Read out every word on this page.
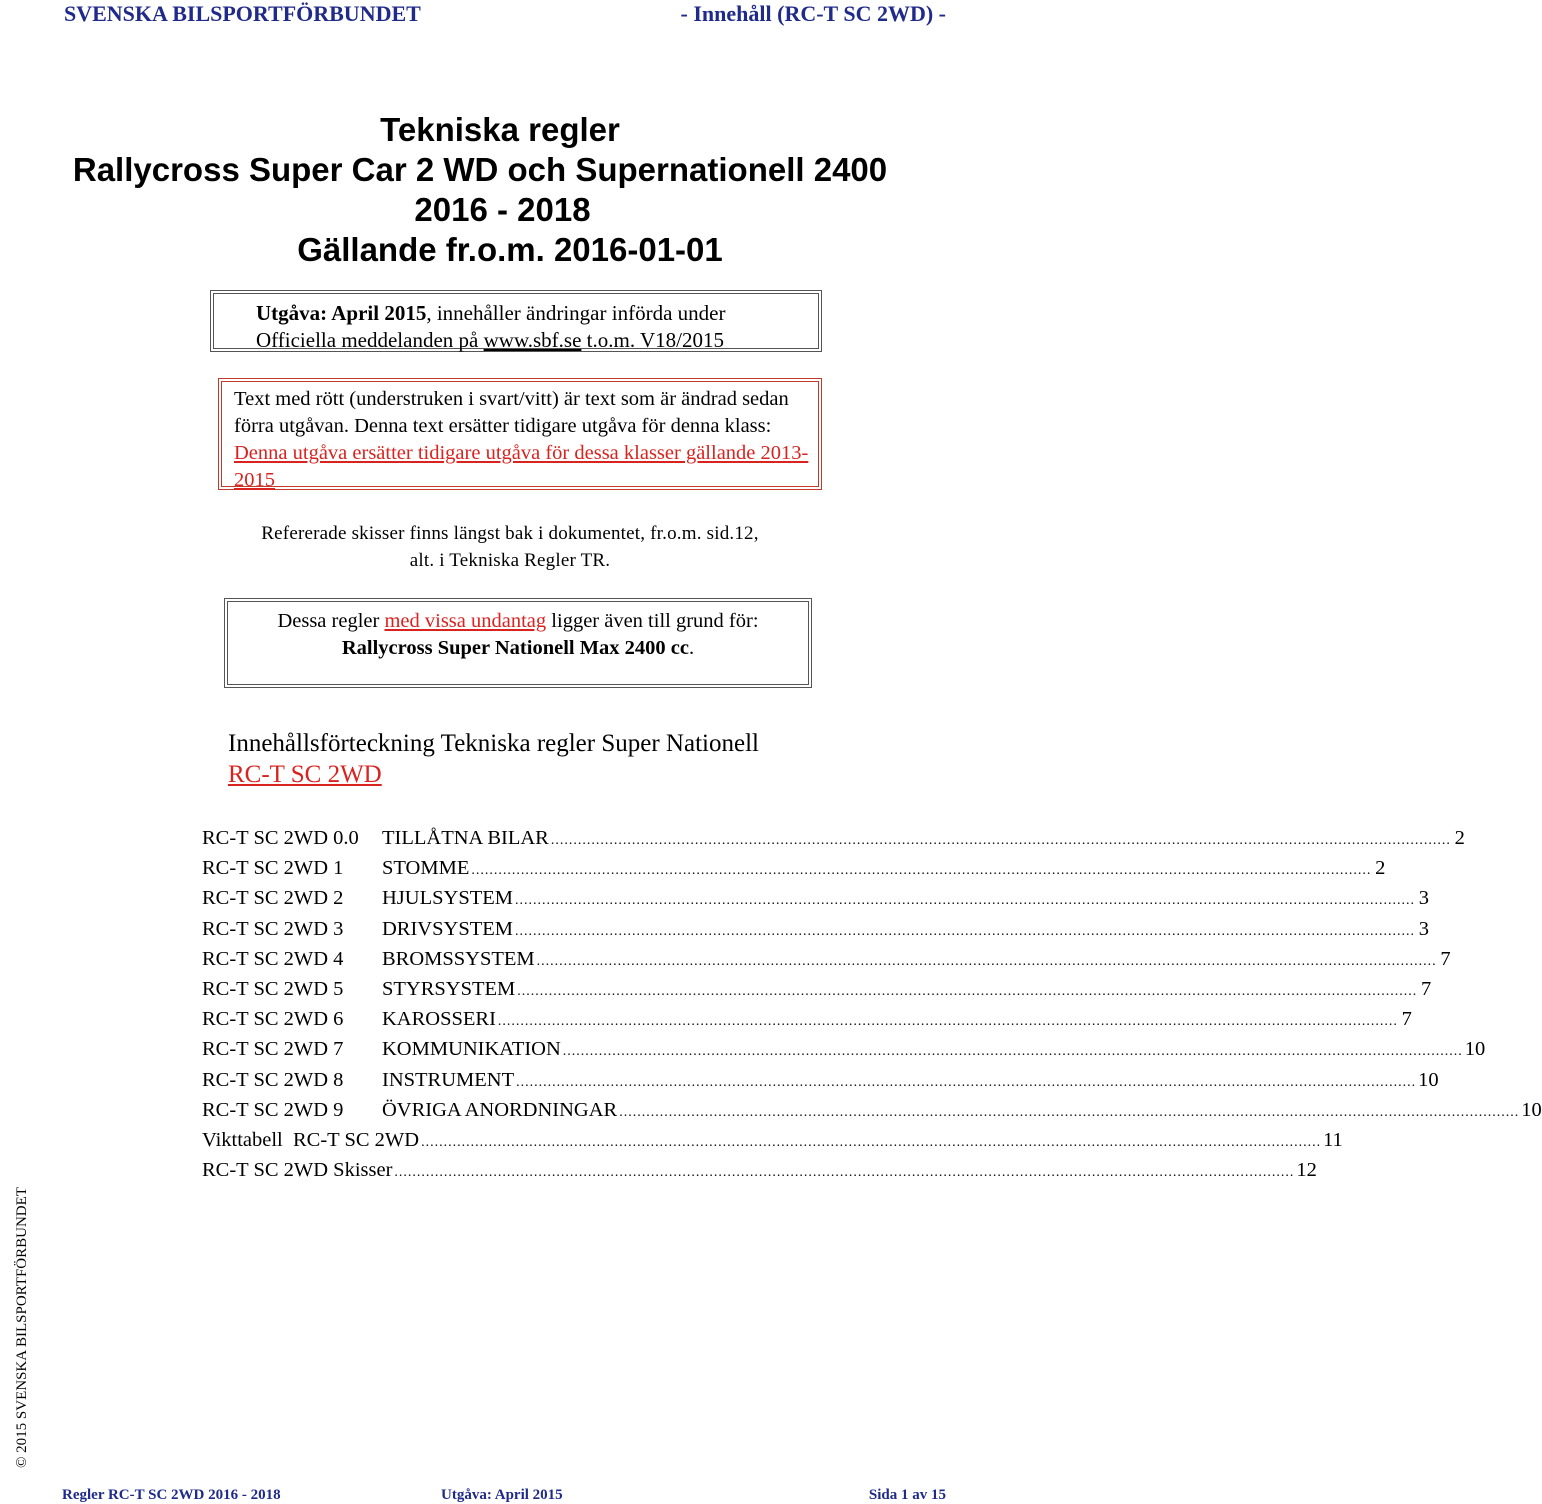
SVENSKA BILSPORTFÖRBUNDET	- Innehåll (RC-T SC 2WD) -
Tekniska regler
Rallycross Super Car 2 WD och Supernationell 2400
2016 - 2018
Gällande fr.o.m. 2016-01-01
Utgåva: April 2015, innehåller ändringar införda under
Officiella meddelanden på www.sbf.se t.o.m. V18/2015
Text med rött (understruken i svart/vitt) är text som är ändrad sedan förra utgåvan. Denna text ersätter tidigare utgåva för denna klass: Denna utgåva ersätter tidigare utgåva för dessa klasser gällande 2013-2015
Refererade skisser finns längst bak i dokumentet, fr.o.m. sid.12,
alt. i Tekniska Regler TR.
Dessa regler med vissa undantag ligger även till grund för:
Rallycross Super Nationell Max 2400 cc.
Innehållsförteckning Tekniska regler Super Nationell
RC-T SC 2WD
RC-T SC 2WD 0.0	TILLÅTNA BILAR ........................................................................................................................................................................................................ 2
RC-T SC 2WD 1	STOMME ........................................................................................................................................................................................................ 2
RC-T SC 2WD 2	HJULSYSTEM ........................................................................................................................................................................................................ 3
RC-T SC 2WD 3	DRIVSYSTEM ........................................................................................................................................................................................................ 3
RC-T SC 2WD 4	BROMSSYSTEM ........................................................................................................................................................................................................ 7
RC-T SC 2WD 5	STYRSYSTEM ........................................................................................................................................................................................................ 7
RC-T SC 2WD 6	KAROSSERI ........................................................................................................................................................................................................ 7
RC-T SC 2WD 7	KOMMUNIKATION ........................................................................................................................................................................................................ 10
RC-T SC 2WD 8	INSTRUMENT ........................................................................................................................................................................................................ 10
RC-T SC 2WD 9	ÖVRIGA ANORDNINGAR ........................................................................................................................................................................................................ 10
Vikttabell  RC-T SC 2WD ........................................................................................................................................................................................................ 11
RC-T SC 2WD Skisser ........................................................................................................................................................................................................ 12
© 2015 SVENSKA BILSPORTFÖRBUNDET
Regler RC-T SC 2WD 2016 - 2018	Utgåva: April 2015	Sida 1 av 15
